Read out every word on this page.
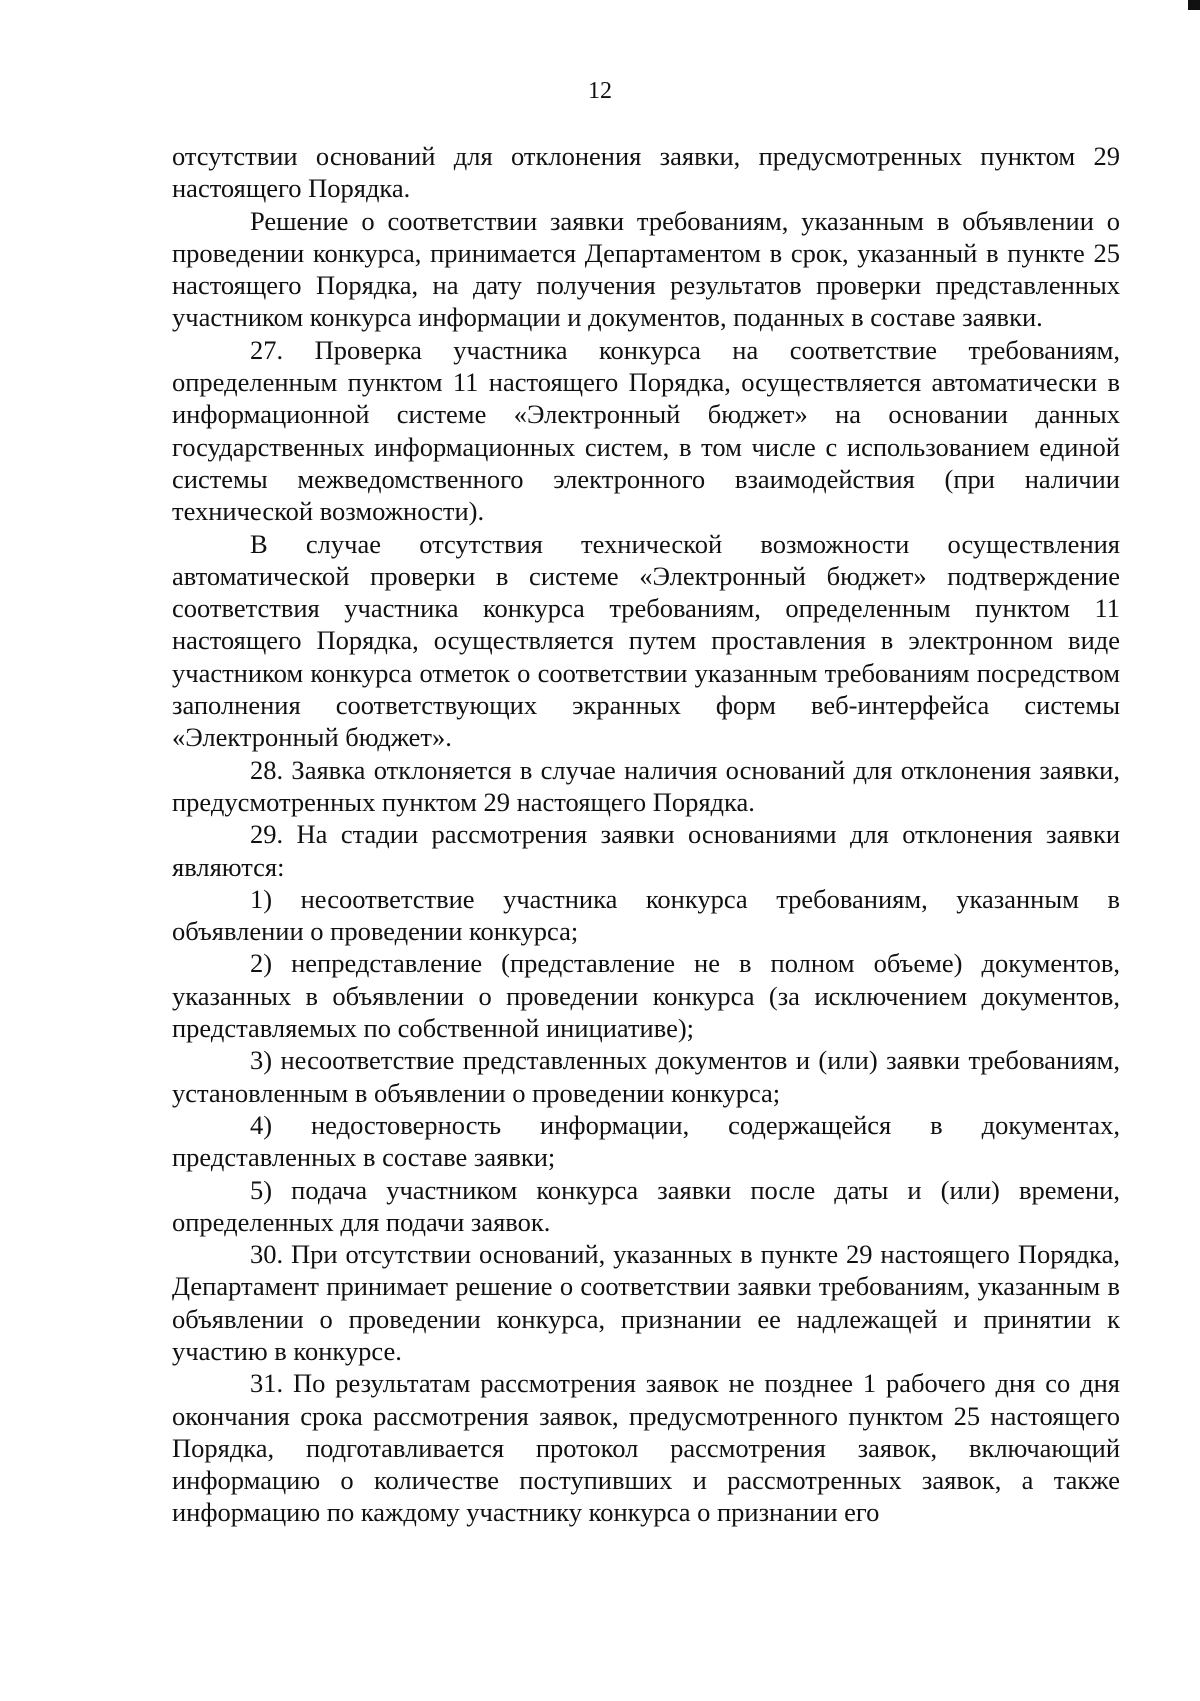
12

отсутствии оснований для отклонения заявки, предусмотренных пунктом 29 настоящего Порядка.

Решение о соответствии заявки требованиям, указанным в объявлении о проведении конкурса, принимается Департаментом в срок, указанный в пункте 25 настоящего Порядка, на дату получения результатов проверки представленных участником конкурса информации и документов, поданных в составе заявки.

27. Проверка участника конкурса на соответствие требованиям, определенным пунктом 11 настоящего Порядка, осуществляется автоматически в информационной системе «Электронный бюджет» на основании данных государственных информационных систем, в том числе с использованием единой системы межведомственного электронного взаимодействия (при наличии технической возможности).

В случае отсутствия технической возможности осуществления автоматической проверки в системе «Электронный бюджет» подтверждение соответствия участника конкурса требованиям, определенным пунктом 11 настоящего Порядка, осуществляется путем проставления в электронном виде участником конкурса отметок о соответствии указанным требованиям посредством заполнения соответствующих экранных форм веб-интерфейса системы «Электронный бюджет».

28. Заявка отклоняется в случае наличия оснований для отклонения заявки, предусмотренных пунктом 29 настоящего Порядка.

29. На стадии рассмотрения заявки основаниями для отклонения заявки являются:

1) несоответствие участника конкурса требованиям, указанным в объявлении о проведении конкурса;

2) непредставление (представление не в полном объеме) документов, указанных в объявлении о проведении конкурса (за исключением документов, представляемых по собственной инициативе);

3) несоответствие представленных документов и (или) заявки требованиям, установленным в объявлении о проведении конкурса;

4) недостоверность информации, содержащейся в документах, представленных в составе заявки;

5) подача участником конкурса заявки после даты и (или) времени, определенных для подачи заявок.

30. При отсутствии оснований, указанных в пункте 29 настоящего Порядка, Департамент принимает решение о соответствии заявки требованиям, указанным в объявлении о проведении конкурса, признании ее надлежащей и принятии к участию в конкурсе.

31. По результатам рассмотрения заявок не позднее 1 рабочего дня со дня окончания срока рассмотрения заявок, предусмотренного пунктом 25 настоящего Порядка, подготавливается протокол рассмотрения заявок, включающий информацию о количестве поступивших и рассмотренных заявок, а также информацию по каждому участнику конкурса о признании его
